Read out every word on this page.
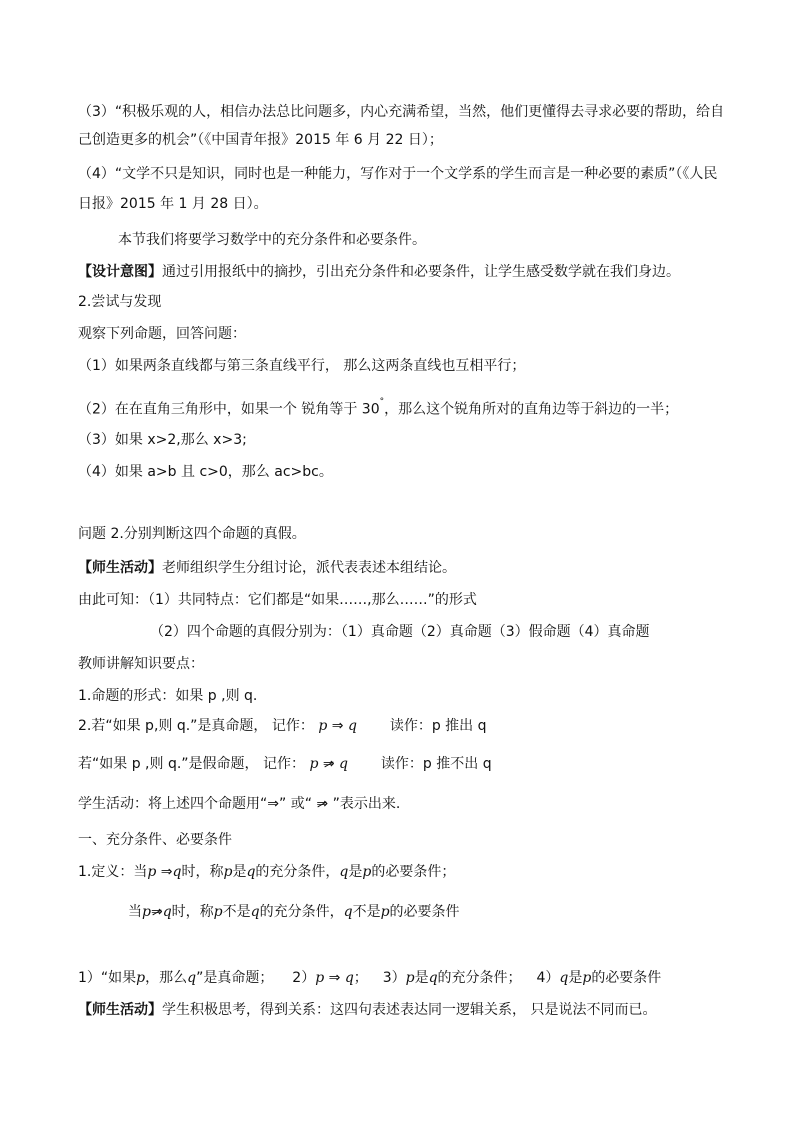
（3）“积极乐观的人，相信办法总比问题多，内心充满希望，当然，他们更懂得去寻求必要的帮助，给自
己创造更多的机会”（《中国青年报》2015 年 6 月 22 日）；
（4）“文学不只是知识，同时也是一种能力，写作对于一个文学系的学生而言是一种必要的素质”（《人民
日报》2015 年 1 月 28 日）。
本节我们将要学习数学中的充分条件和必要条件。
【设计意图】通过引用报纸中的摘抄，引出充分条件和必要条件，让学生感受数学就在我们身边。
2.尝试与发现
观察下列命题，回答问题：
（1）如果两条直线都与第三条直线平行， 那么这两条直线也互相平行；
（2）在在直角三角形中，如果一个 锐角等于 30°，那么这个锐角所对的直角边等于斜边的一半；
（3）如果 x>2,那么 x>3;
（4）如果 a>b 且 c>0，那么 ac>bc。
问题 2.分别判断这四个命题的真假。
【师生活动】老师组织学生分组讨论，派代表表述本组结论。
由此可知：（1）共同特点：它们都是“如果……,那么……”的形式
（2）四个命题的真假分别为：（1）真命题（2）真命题（3）假命题（4）真命题
教师讲解知识要点：
1.命题的形式：如果 p ,则 q.
2.若“如果 p,则 q.”是真命题， 记作： p ⇒ q 读作：p 推出 q
若“如果 p ,则 q.”是假命题， 记作： p ⇒ q 读作：p 推不出 q
学生活动：将上述四个命题用“⇒” 或“ ⇒ ”表示出来.
一、充分条件、必要条件
1.定义：当p ⇒q时，称p是q的充分条件，q是p的必要条件；
当p⇒q时，称p不是q的充分条件，q不是p的必要条件
1）“如果p，那么q”是真命题； 2）p ⇒ q； 3）p是q的充分条件； 4）q是p的必要条件
【师生活动】学生积极思考，得到关系：这四句表述表达同一逻辑关系， 只是说法不同而已。
